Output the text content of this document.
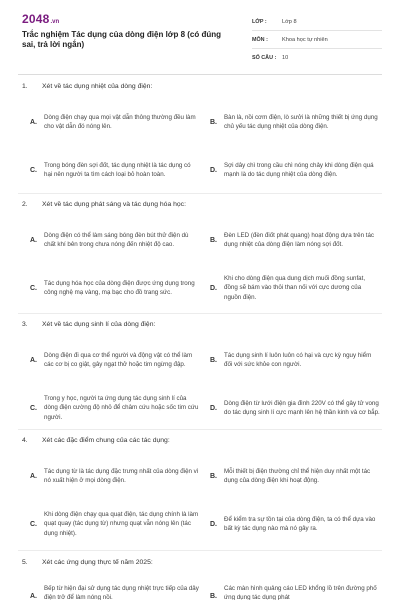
2048 .vn
Trắc nghiệm Tác dụng của dòng điện lớp 8 (có đúng sai, trả lời ngắn)
LỚP :	Lớp 8
MÔN :	Khoa học tự nhiên
SỐ CÂU :	10
1.	Xét về tác dụng nhiệt của dòng điện:
A.
Dòng điện chạy qua mọi vật dẫn thông thường đều làm cho vật dẫn đó nóng lên.
B.
Bàn là, nồi cơm điện, lò sưởi là những thiết bị ứng dụng chủ yếu tác dụng nhiệt của dòng điện.
C.
Trong bóng đèn sợi đốt, tác dụng nhiệt là tác dụng có hại nên người ta tìm cách loại bỏ hoàn toàn.
D.
Sợi dây chì trong cầu chì nóng chảy khi dòng điện quá mạnh là do tác dụng nhiệt của dòng điện.
2.	Xét về tác dụng phát sáng và tác dụng hóa học:
A.
Dòng điện có thể làm sáng bóng đèn bút thử điện dù chất khí bên trong chưa nóng đến nhiệt độ cao.
B.
Đèn LED (đèn điốt phát quang) hoạt động dựa trên tác dụng nhiệt của dòng điện làm nóng sợi đốt.
C.
Tác dụng hóa học của dòng điện được ứng dụng trong công nghệ mạ vàng, mạ bạc cho đồ trang sức.
D.
Khi cho dòng điện qua dung dịch muối đồng sunfat, đồng sẽ bám vào thỏi than nối với cực dương của nguồn điện.
3.	Xét về tác dụng sinh lí của dòng điện:
A.
Dòng điện đi qua cơ thể người và động vật có thể làm các cơ bị co giật, gây ngạt thở hoặc tim ngừng đập.
B.
Tác dụng sinh lí luôn luôn có hại và cực kỳ nguy hiểm đối với sức khỏe con người.
C.
Trong y học, người ta ứng dụng tác dụng sinh lí của dòng điện cường độ nhỏ để châm cứu hoặc sốc tim cứu người.
D.
Dòng điện từ lưới điện gia đình 220V có thể gây tử vong do tác dụng sinh lí cực mạnh lên hệ thần kinh và cơ bắp.
4.	Xét các đặc điểm chung của các tác dụng:
A.
Tác dụng từ là tác dụng đặc trưng nhất của dòng điện vì nó xuất hiện ở mọi dòng điện.
B.
Mỗi thiết bị điện thường chỉ thể hiện duy nhất một tác dụng của dòng điện khi hoạt động.
C.
Khi dòng điện chạy qua quạt điện, tác dụng chính là làm quạt quay (tác dụng từ) nhưng quạt vẫn nóng lên (tác dụng nhiệt).
D.
Để kiểm tra sự tồn tại của dòng điện, ta có thể dựa vào bất kỳ tác dụng nào mà nó gây ra.
5.	Xét các ứng dụng thực tế năm 2025:
A.
Bếp từ hiện đại sử dụng tác dụng nhiệt trực tiếp của dây điện trở để làm nóng nồi.	B.
Các màn hình quảng cáo LED khổng lồ trên đường phố ứng dụng tác dụng phát
